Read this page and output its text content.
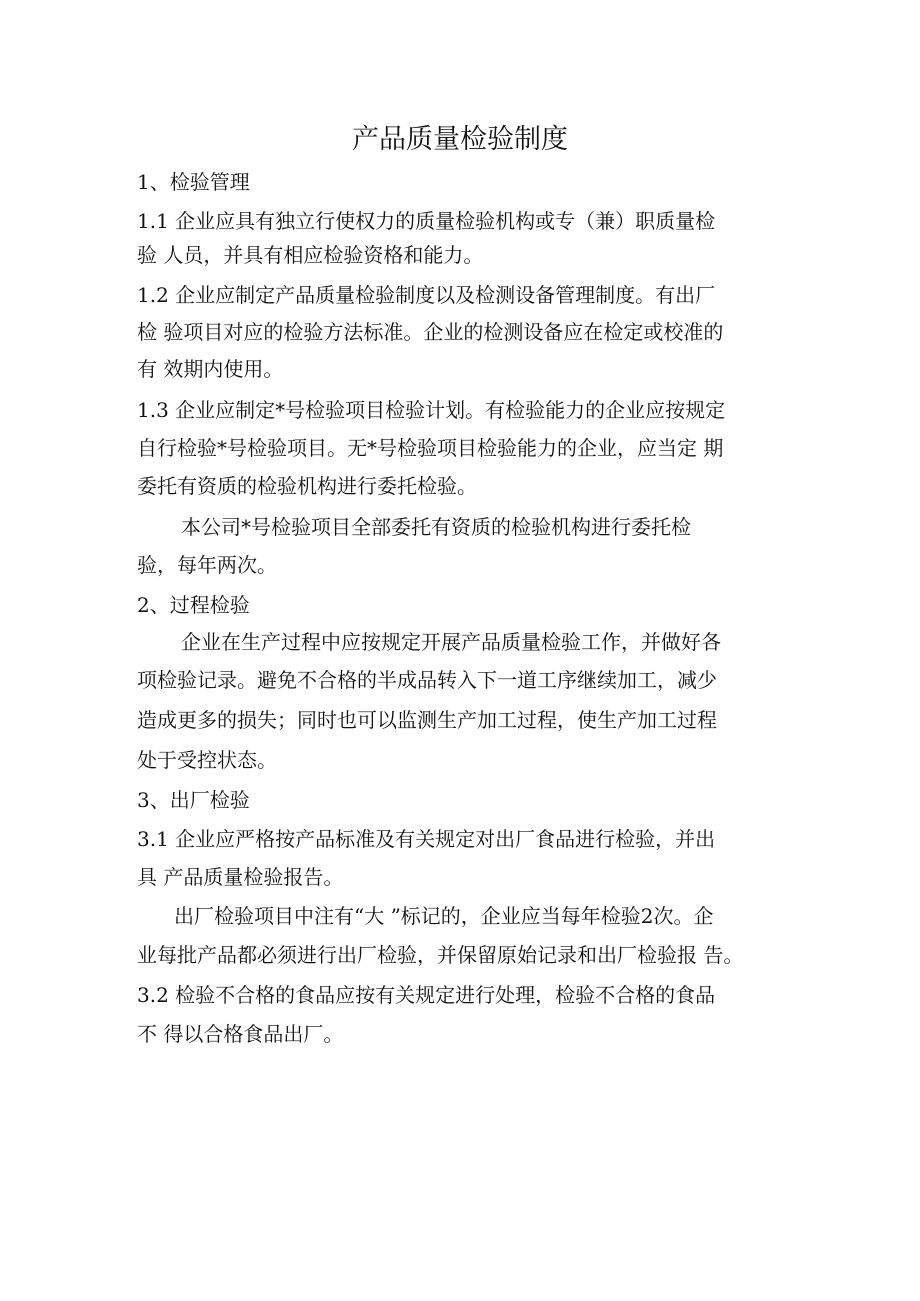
产品质量检验制度
1、检验管理
1.1 企业应具有独立行使权力的质量检验机构或专（兼）职质量检
验 人员，并具有相应检验资格和能力。
1.2 企业应制定产品质量检验制度以及检测设备管理制度。有出厂
检 验项目对应的检验方法标准。企业的检测设备应在检定或校准的
有 效期内使用。
1.3 企业应制定*号检验项目检验计划。有检验能力的企业应按规定
自行检验*号检验项目。无*号检验项目检验能力的企业，应当定 期
委托有资质的检验机构进行委托检验。
本公司*号检验项目全部委托有资质的检验机构进行委托检
验，每年两次。
2、过程检验
企业在生产过程中应按规定开展产品质量检验工作，并做好各
项检验记录。避免不合格的半成品转入下一道工序继续加工，减少
造成更多的损失；同时也可以监测生产加工过程，使生产加工过程
处于受控状态。
3、出厂检验
3.1 企业应严格按产品标准及有关规定对出厂食品进行检验，并出
具 产品质量检验报告。
出厂检验项目中注有“大 ”标记的，企业应当每年检验2次。企
业每批产品都必须进行出厂检验，并保留原始记录和出厂检验报 告。
3.2 检验不合格的食品应按有关规定进行处理，检验不合格的食品
不 得以合格食品出厂。
